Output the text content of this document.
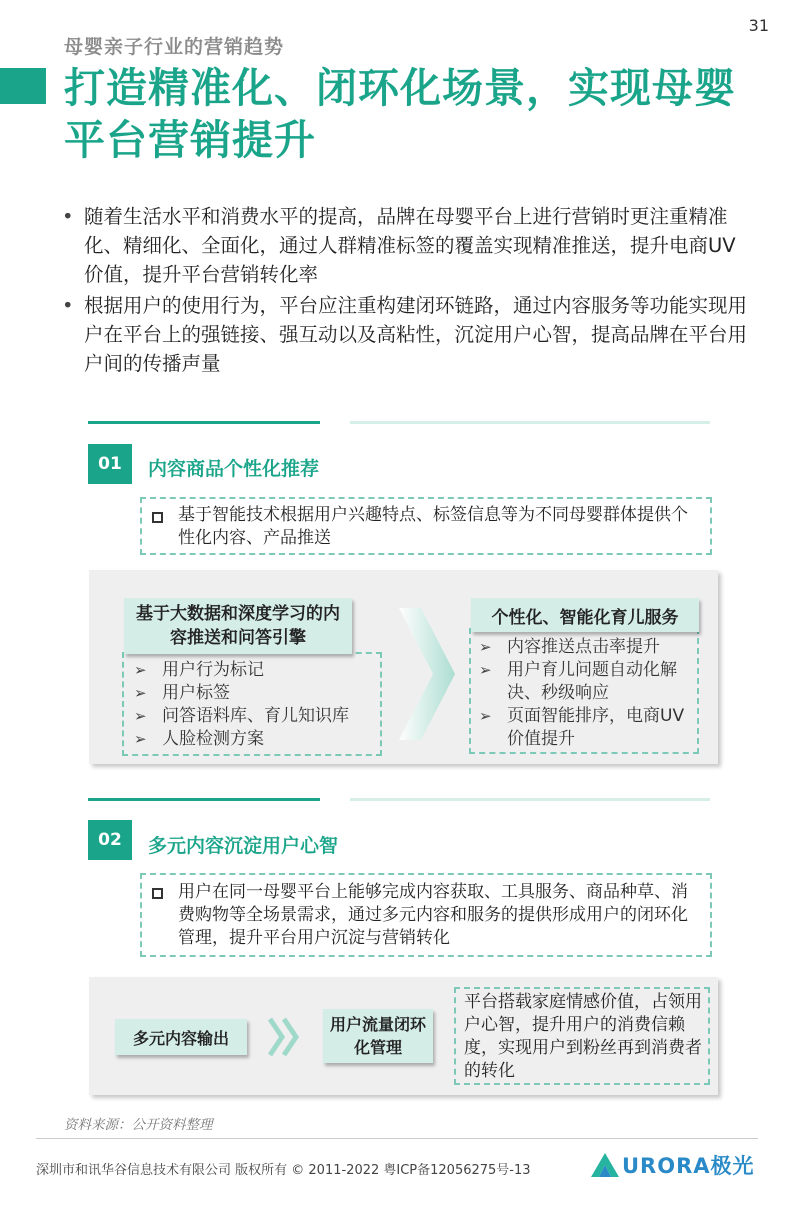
31
母婴亲子行业的营销趋势
打造精准化、闭环化场景，实现母婴平台营销提升
• 随着生活水平和消费水平的提高，品牌在母婴平台上进行营销时更注重精准化、精细化、全面化，通过人群精准标签的覆盖实现精准推送，提升电商UV价值，提升平台营销转化率
• 根据用户的使用行为，平台应注重构建闭环链路，通过内容服务等功能实现用户在平台上的强链接、强互动以及高粘性，沉淀用户心智，提高品牌在平台用户间的传播声量
01	内容商品个性化推荐
基于智能技术根据用户兴趣特点、标签信息等为不同母婴群体提供个性化内容、产品推送
➢ 用户行为标记
➢ 用户标签
➢ 问答语料库、育儿知识库
➢ 人脸检测方案
基于大数据和深度学习的内容推送和问答引擎
➢	内容推送点击率提升
➢ 用户育儿问题自动化解决、秒级响应
➢ 页面智能排序，电商UV价值提升
个性化、智能化育儿服务
02	多元内容沉淀用户心智
用户在同一母婴平台上能够完成内容获取、工具服务、商品种草、消费购物等全场景需求，通过多元内容和服务的提供形成用户的闭环化管理，提升平台用户沉淀与营销转化
多元内容输出
用户流量闭环化管理
平台搭载家庭情感价值，占领用户心智，提升用户的消费信赖度，实现用户到粉丝再到消费者的转化
资料来源：公开资料整理
深圳市和讯华谷信息技术有限公司 版权所有 © 2011-2022 粤ICP备12056275号-13	URORA极光
